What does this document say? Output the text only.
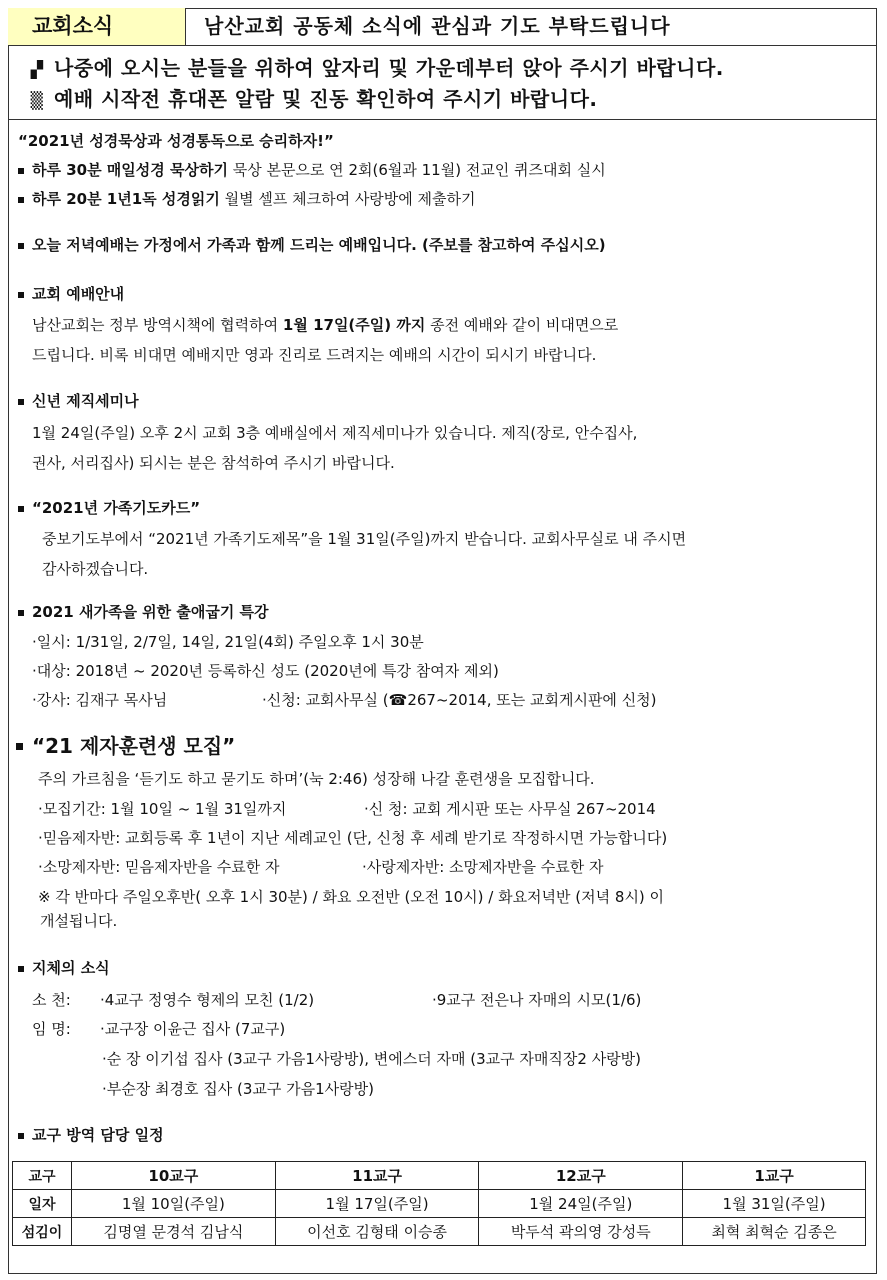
교회소식	남산교회 공동체 소식에 관심과 기도 부탁드립니다
▞ 나중에 오시는 분들을 위하여 앞자리 및 가운데부터 앉아 주시기 바랍니다.
▒ 예배 시작전 휴대폰 알람 및 진동 확인하여 주시기 바랍니다.
“2021년 성경묵상과 성경통독으로 승리하자!”
하루 30분 매일성경 묵상하기 묵상 본문으로 연 2회(6월과 11월) 전교인 퀴즈대회 실시
하루 20분 1년1독 성경읽기 월별 셀프 체크하여 사랑방에 제출하기
오늘 저녁예배는 가정에서 가족과 함께 드리는 예배입니다. (주보를 참고하여 주십시오)
교회 예배안내
남산교회는 정부 방역시책에 협력하여 1월 17일(주일) 까지 종전 예배와 같이 비대면으로
드립니다. 비록 비대면 예배지만 영과 진리로 드려지는 예배의 시간이 되시기 바랍니다.
신년 제직세미나
1월 24일(주일) 오후 2시 교회 3층 예배실에서 제직세미나가 있습니다. 제직(장로, 안수집사,
권사, 서리집사) 되시는 분은 참석하여 주시기 바랍니다.
“2021년 가족기도카드”
중보기도부에서 “2021년 가족기도제목”을 1월 31일(주일)까지 받습니다. 교회사무실로 내 주시면
감사하겠습니다.
2021 새가족을 위한 출애굽기 특강
·일시: 1/31일, 2/7일, 14일, 21일(4회) 주일오후 1시 30분
·대상: 2018년 ~ 2020년 등록하신 성도 (2020년에 특강 참여자 제외)
·강사: 김재구 목사님	·신청: 교회사무실 (☎267~2014, 또는 교회게시판에 신청)
“21 제자훈련생 모집”
주의 가르침을 ‘듣기도 하고 묻기도 하며’(눅 2:46) 성장해 나갈 훈련생을 모집합니다.
·모집기간: 1월 10일 ~ 1월 31일까지	·신 청: 교회 게시판 또는 사무실 267~2014
·믿음제자반: 교회등록 후 1년이 지난 세례교인 (단, 신청 후 세례 받기로 작정하시면 가능합니다)
·소망제자반: 믿음제자반을 수료한 자	·사랑제자반: 소망제자반을 수료한 자
※ 각 반마다 주일오후반( 오후 1시 30분) / 화요 오전반 (오전 10시) / 화요저녁반 (저녁 8시) 이
개설됩니다.
지체의 소식
소 천: ·4교구 정영수 형제의 모친 (1/2)	·9교구 전은나 자매의 시모(1/6)
임 명: ·교구장 이윤근 집사 (7교구)
·순 장 이기섭 집사 (3교구 가음1사랑방), 변에스더 자매 (3교구 자매직장2 사랑방)
·부순장 최경호 집사 (3교구 가음1사랑방)
교구 방역 담당 일정
교구	10교구	11교구	12교구	1교구
일자	1월 10일(주일)	1월 17일(주일)	1월 24일(주일)	1월 31일(주일)
섬김이	김명열 문경석 김남식	이선호 김형태 이승종	박두석 곽의영 강성득	최혁 최혁순 김종은
